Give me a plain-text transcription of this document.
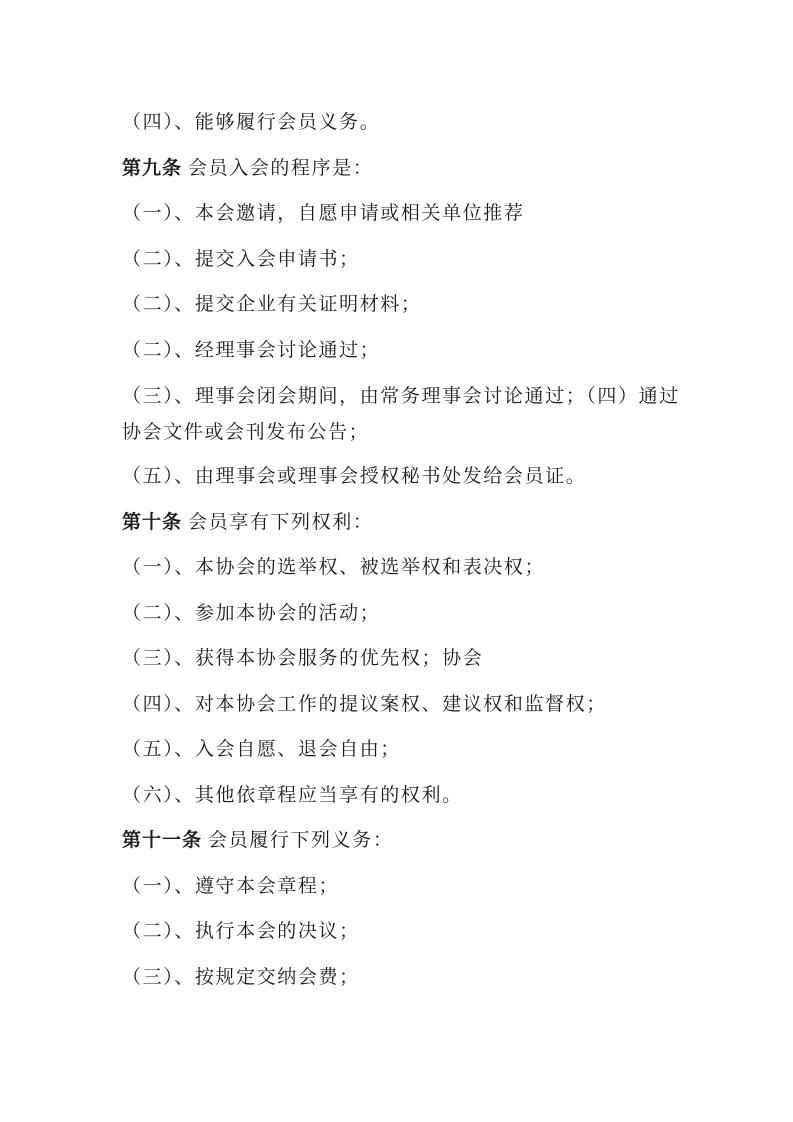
（四）、能够履行会员义务。
第九条 会员入会的程序是：
（一）、本会邀请，自愿申请或相关单位推荐
（二）、提交入会申请书；
（二）、提交企业有关证明材料；
（二）、经理事会讨论通过；
（三）、理事会闭会期间，由常务理事会讨论通过；（四）通过协会文件或会刊发布公告；
（五）、由理事会或理事会授权秘书处发给会员证。
第十条 会员享有下列权利：
（一）、本协会的选举权、被选举权和表决权；
（二）、参加本协会的活动；
（三）、获得本协会服务的优先权；协会
（四）、对本协会工作的提议案权、建议权和监督权；
（五）、入会自愿、退会自由；
（六）、其他依章程应当享有的权利。
第十一条 会员履行下列义务：
（一）、遵守本会章程；
（二）、执行本会的决议；
（三）、按规定交纳会费；
